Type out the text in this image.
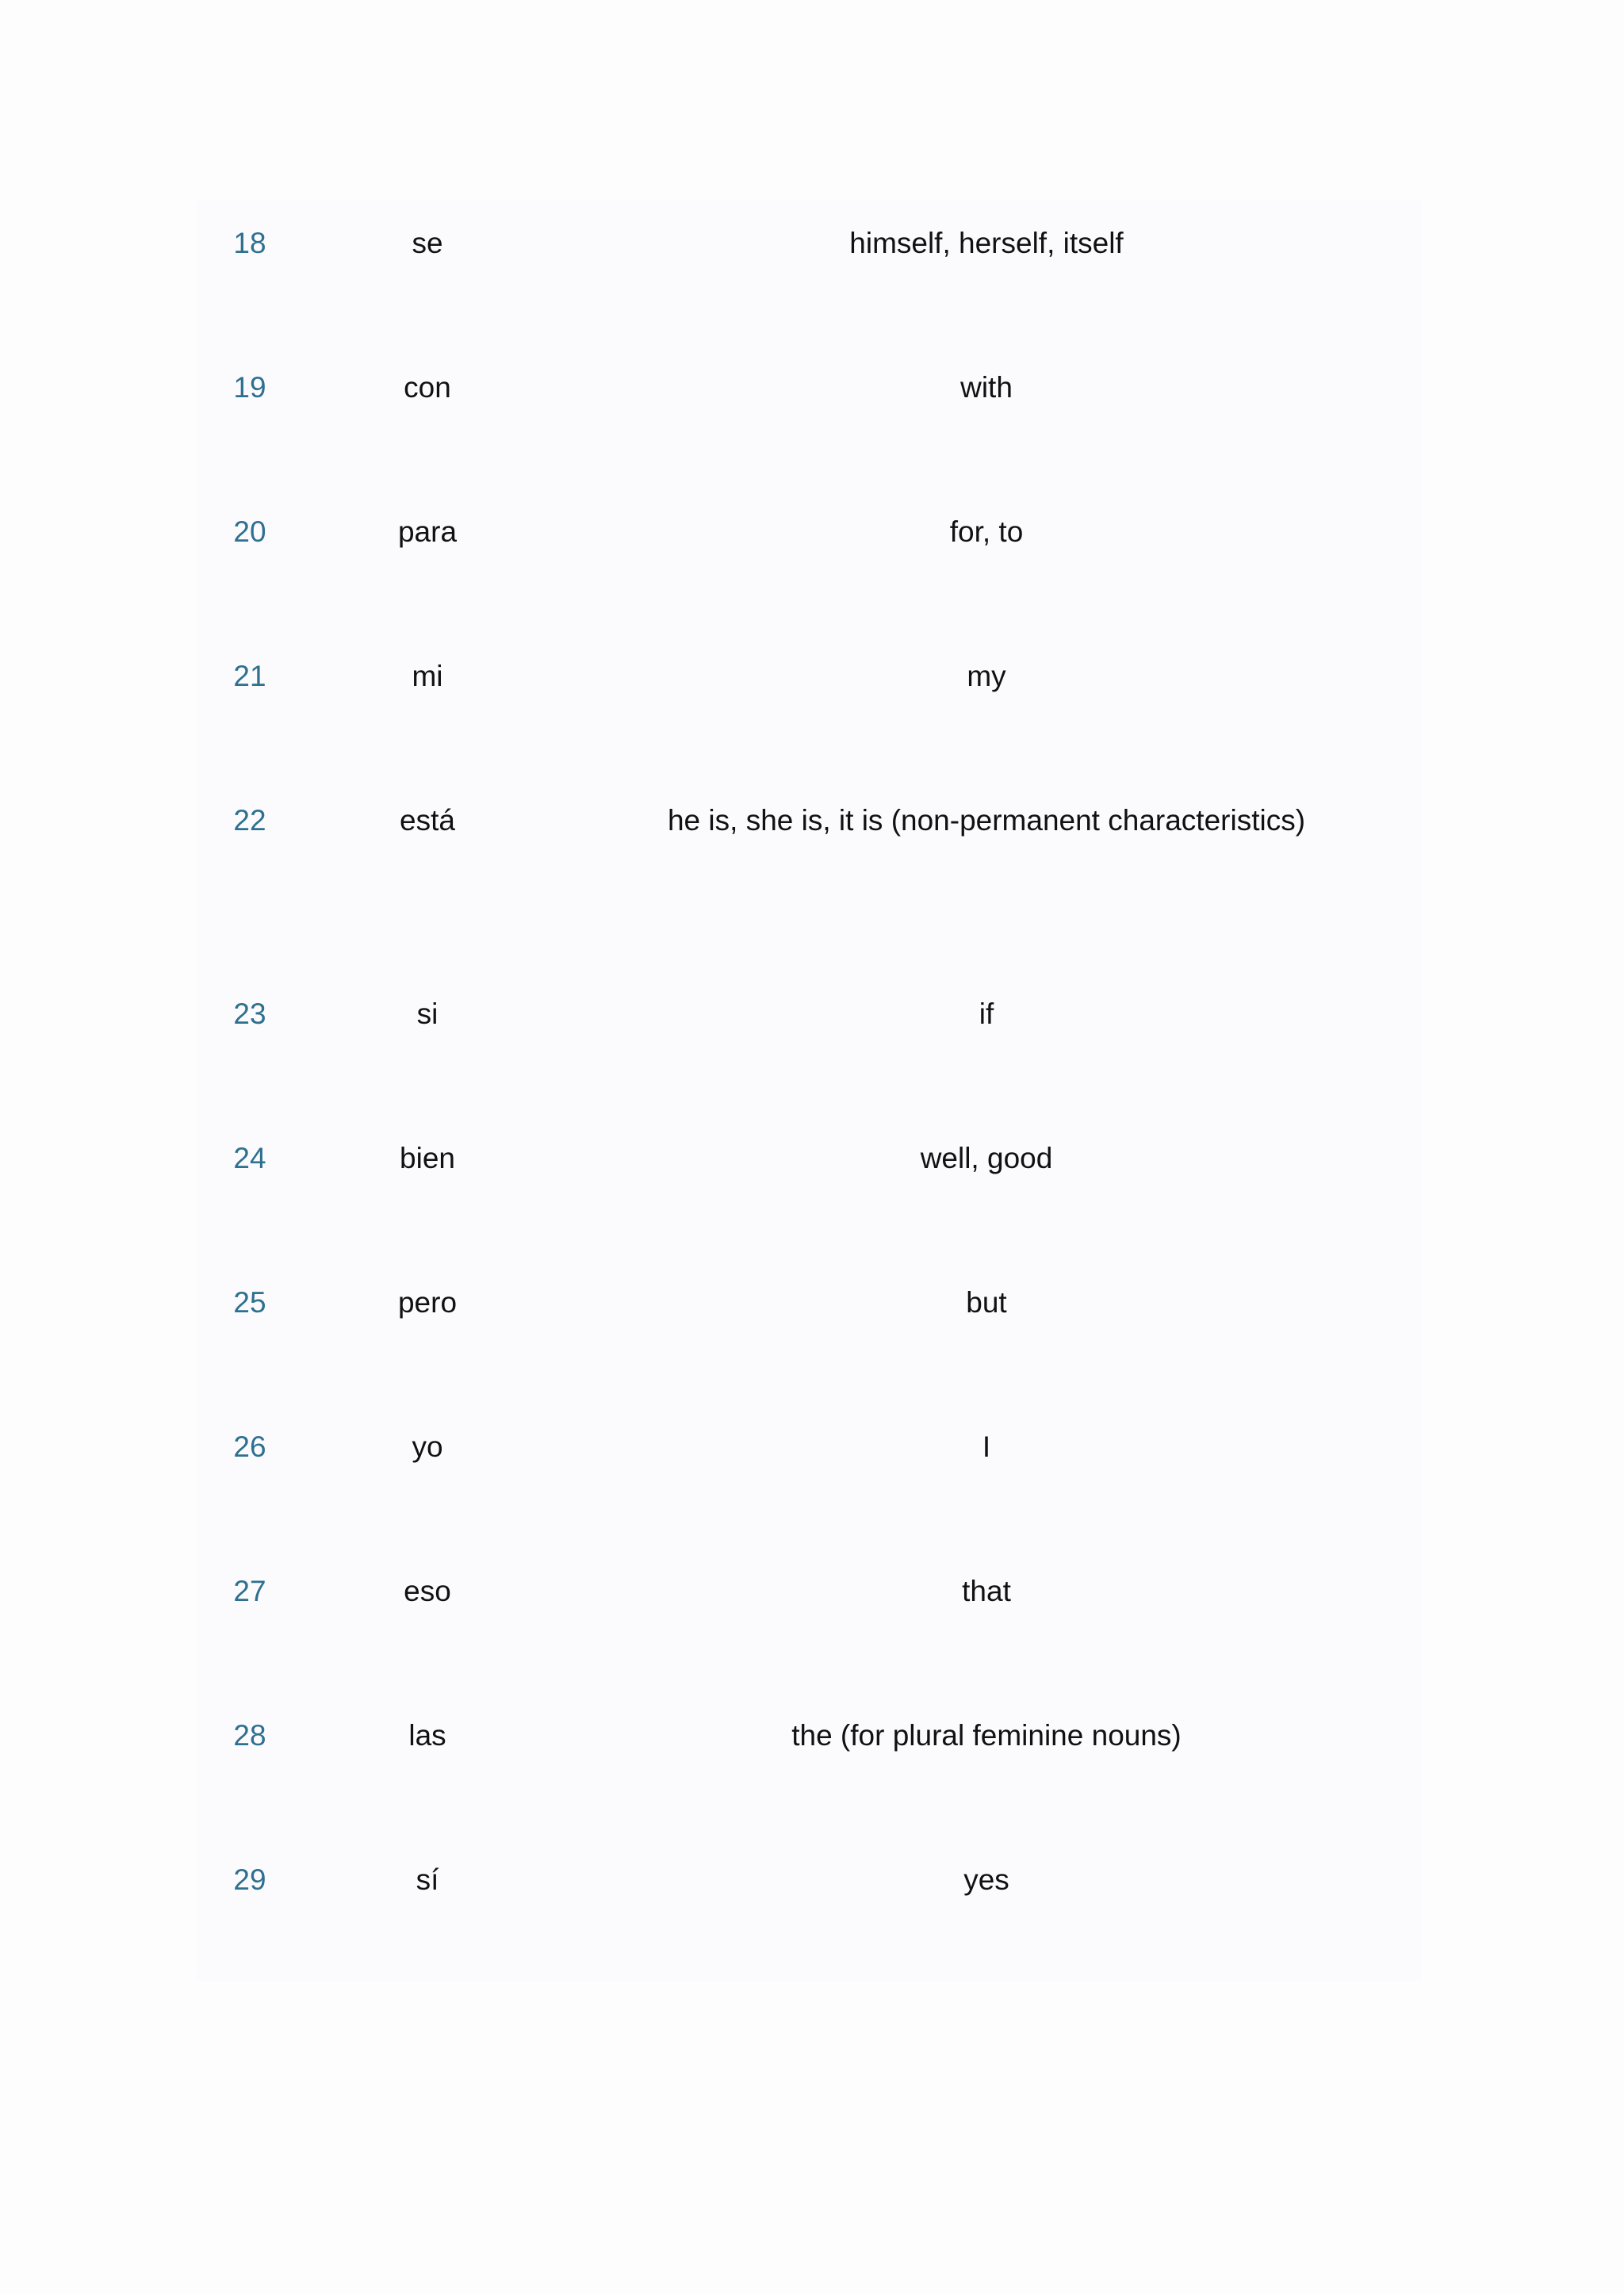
18	se	himself, herself, itself
19	con	with
20	para	for, to
21	mi	my
22	está	he is, she is, it is (non-permanent characteristics)
23	si	if
24	bien	well, good
25	pero	but
26	yo	I
27	eso	that
28	las	the (for plural feminine nouns)
29	sí	yes
